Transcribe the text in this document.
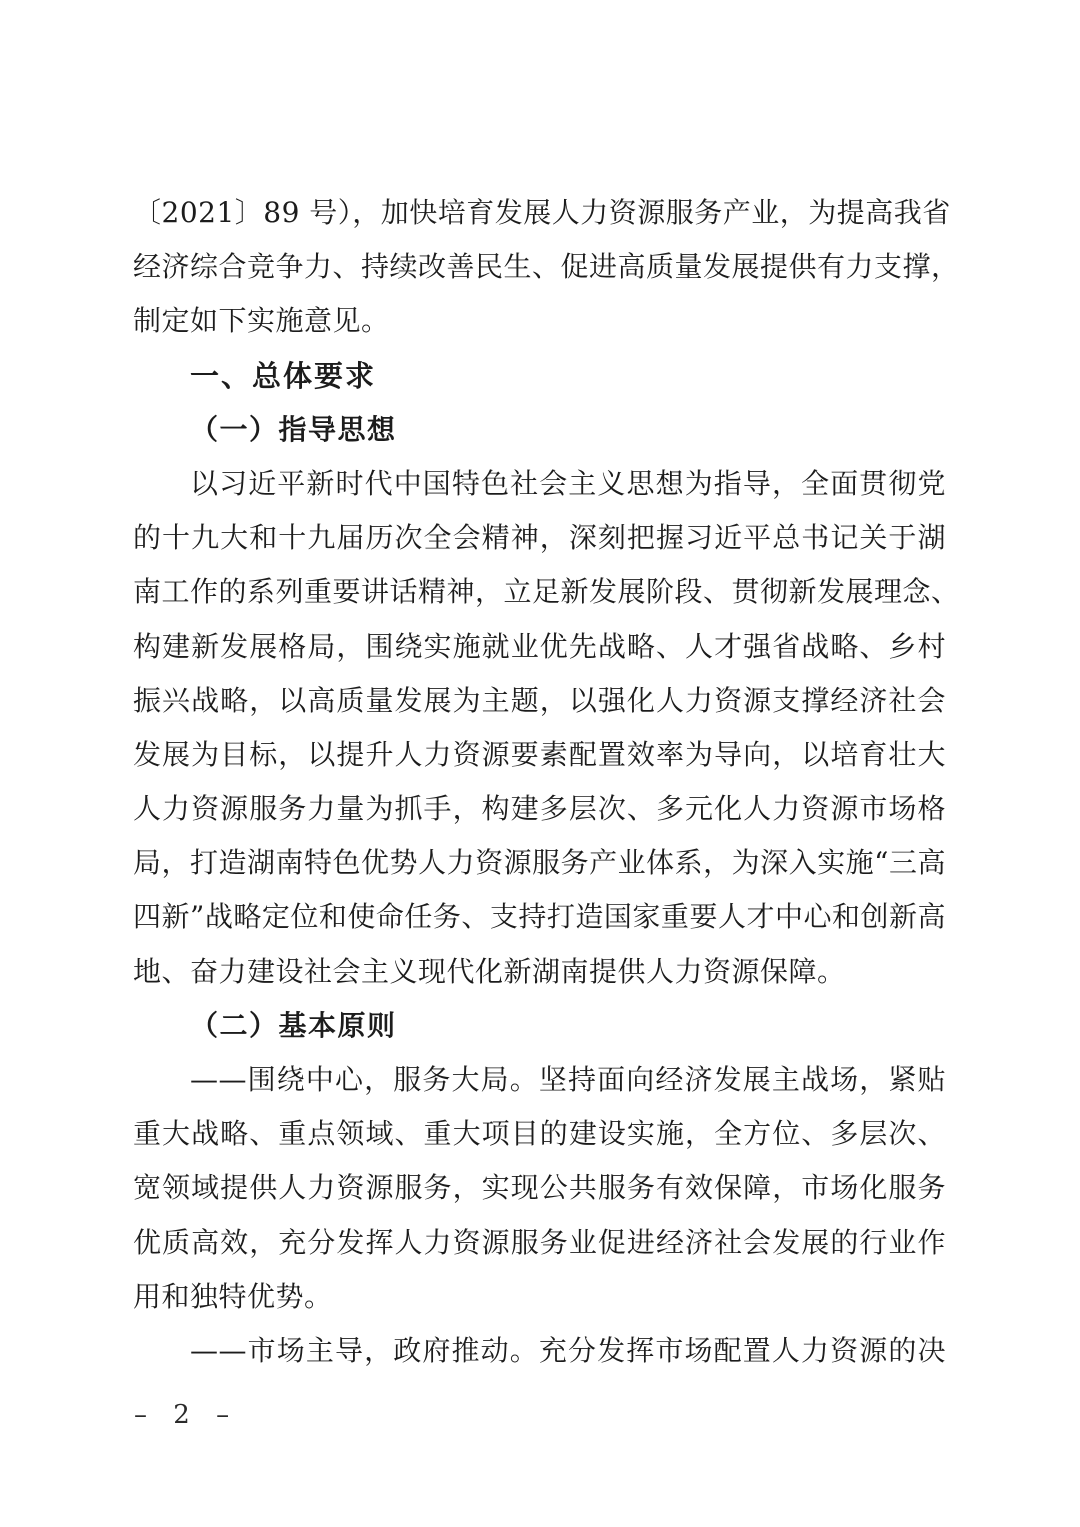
〔2021〕89 号），加快培育发展人力资源服务产业，为提高我省
经济综合竞争力、持续改善民生、促进高质量发展提供有力支撑，
制定如下实施意见。
一、总体要求
（一）指导思想
以习近平新时代中国特色社会主义思想为指导，全面贯彻党
的十九大和十九届历次全会精神，深刻把握习近平总书记关于湖
南工作的系列重要讲话精神，立足新发展阶段、贯彻新发展理念、
构建新发展格局，围绕实施就业优先战略、人才强省战略、乡村
振兴战略，以高质量发展为主题，以强化人力资源支撑经济社会
发展为目标，以提升人力资源要素配置效率为导向，以培育壮大
人力资源服务力量为抓手，构建多层次、多元化人力资源市场格
局，打造湖南特色优势人力资源服务产业体系，为深入实施“三高
四新”战略定位和使命任务、支持打造国家重要人才中心和创新高
地、奋力建设社会主义现代化新湖南提供人力资源保障。
（二）基本原则
——围绕中心，服务大局。坚持面向经济发展主战场，紧贴
重大战略、重点领域、重大项目的建设实施，全方位、多层次、
宽领域提供人力资源服务，实现公共服务有效保障，市场化服务
优质高效，充分发挥人力资源服务业促进经济社会发展的行业作
用和独特优势。
——市场主导，政府推动。充分发挥市场配置人力资源的决
– 2 –
